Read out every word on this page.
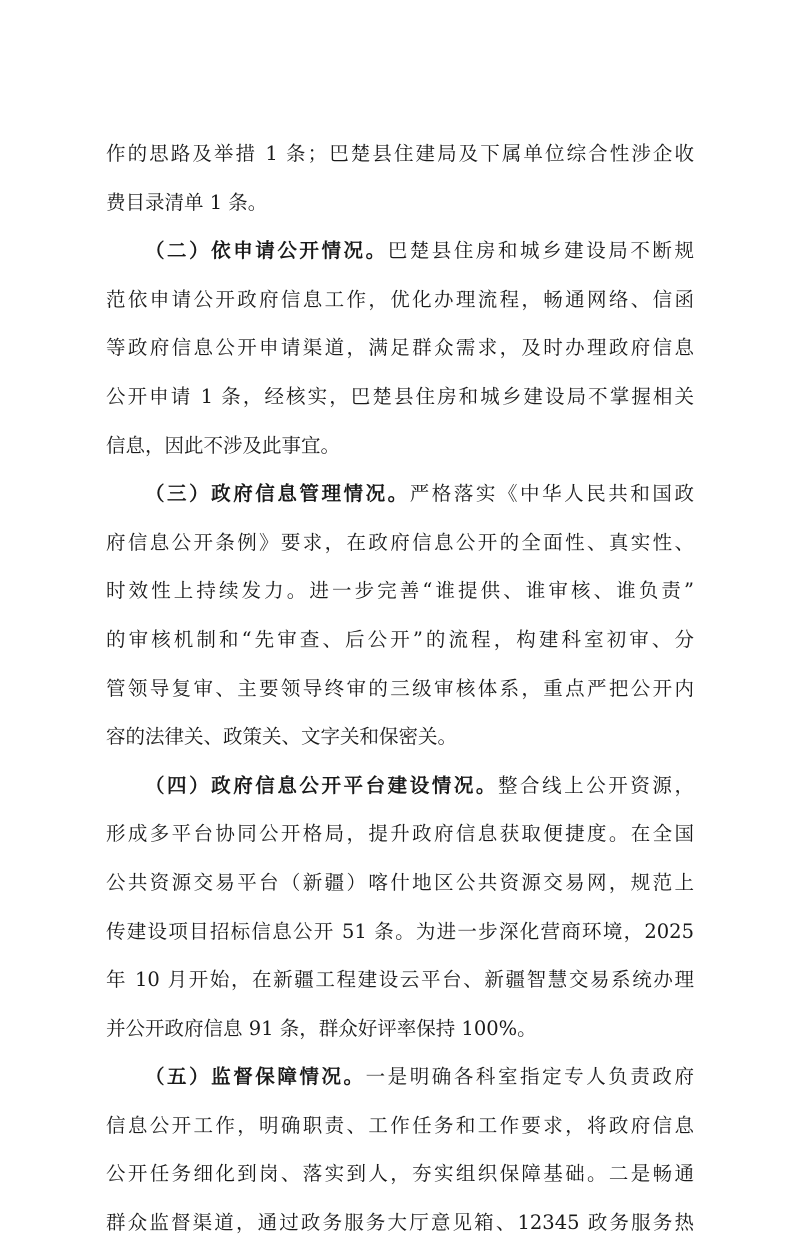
作的思路及举措 1 条；巴楚县住建局及下属单位综合性涉企收
费目录清单 1 条。
（二）依申请公开情况。巴楚县住房和城乡建设局不断规
范依申请公开政府信息工作，优化办理流程，畅通网络、信函
等政府信息公开申请渠道，满足群众需求，及时办理政府信息
公开申请 1 条，经核实，巴楚县住房和城乡建设局不掌握相关
信息，因此不涉及此事宜。
（三）政府信息管理情况。严格落实《中华人民共和国政
府信息公开条例》要求，在政府信息公开的全面性、真实性、
时效性上持续发力。进一步完善“谁提供、谁审核、谁负责”
的审核机制和“先审查、后公开”的流程，构建科室初审、分
管领导复审、主要领导终审的三级审核体系，重点严把公开内
容的法律关、政策关、文字关和保密关。
（四）政府信息公开平台建设情况。整合线上公开资源，
形成多平台协同公开格局，提升政府信息获取便捷度。在全国
公共资源交易平台（新疆）喀什地区公共资源交易网，规范上
传建设项目招标信息公开 51 条。为进一步深化营商环境，2025
年 10 月开始，在新疆工程建设云平台、新疆智慧交易系统办理
并公开政府信息 91 条，群众好评率保持 100%。
（五）监督保障情况。一是明确各科室指定专人负责政府
信息公开工作，明确职责、工作任务和工作要求，将政府信息
公开任务细化到岗、落实到人，夯实组织保障基础。二是畅通
群众监督渠道，通过政务服务大厅意见箱、12345 政务服务热
